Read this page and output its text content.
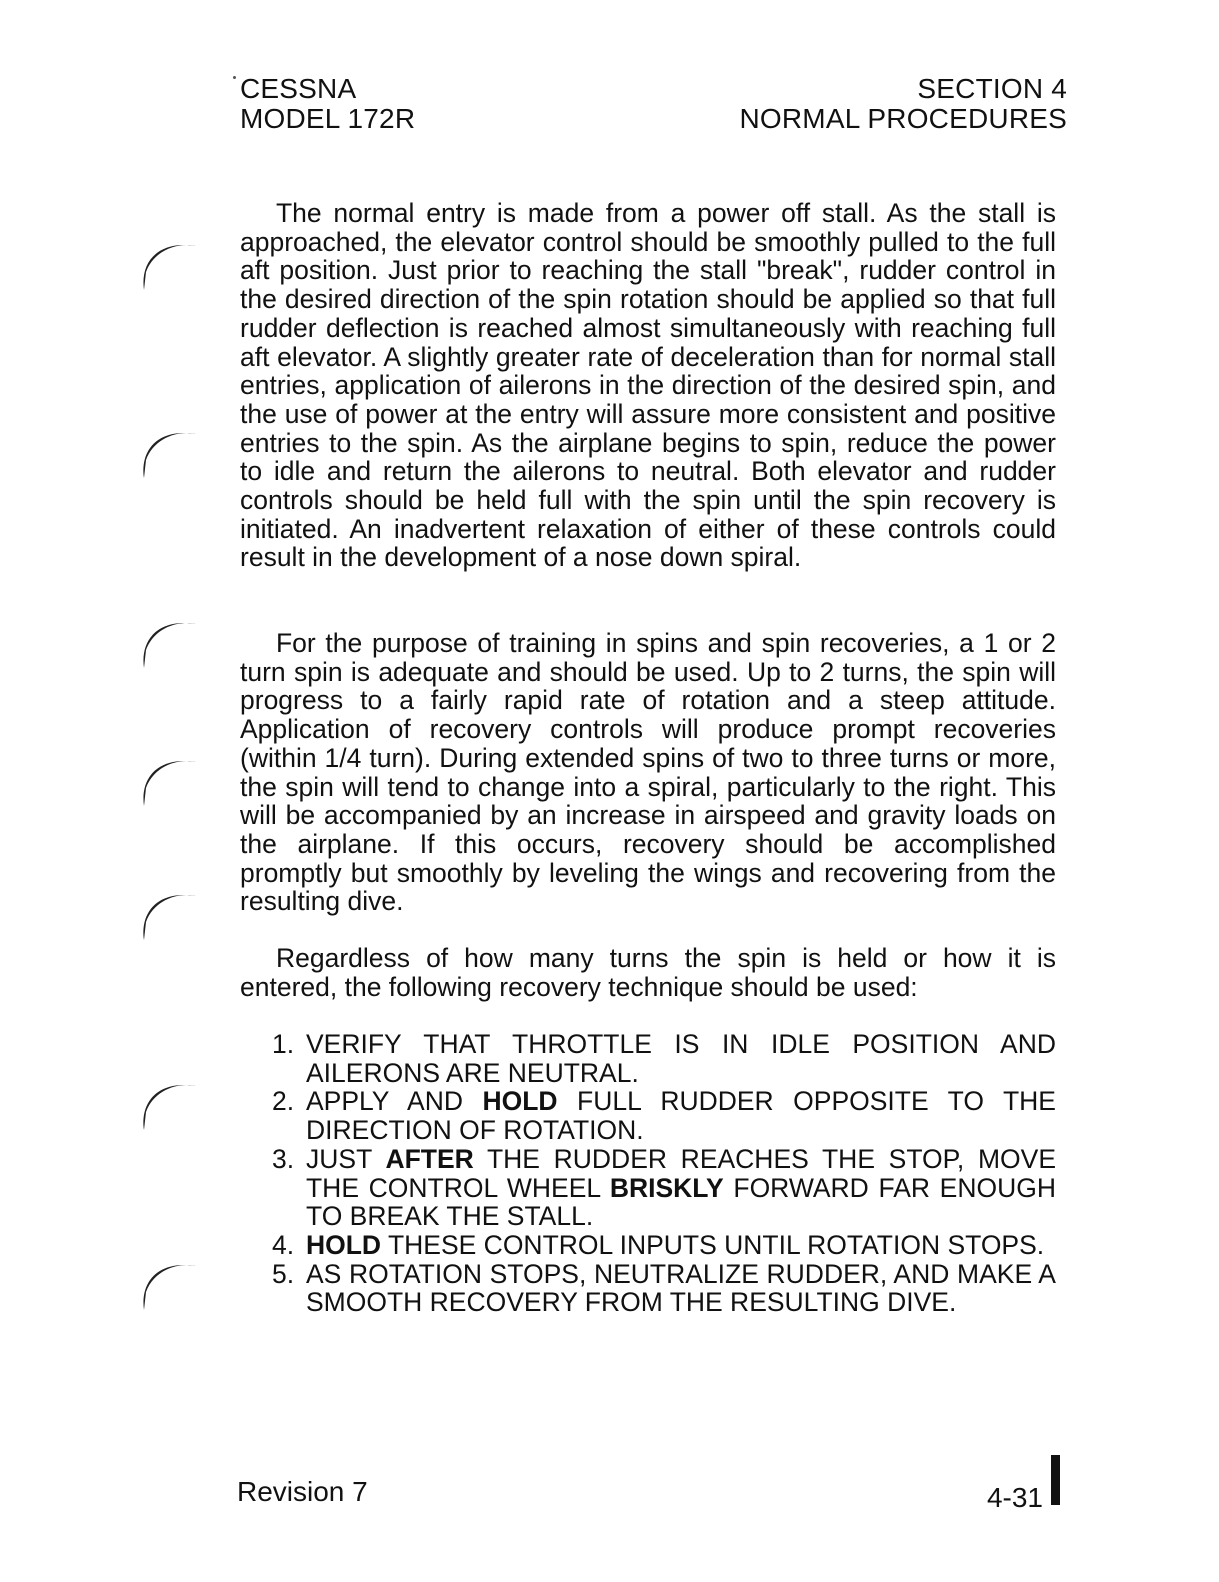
CESSNA
MODEL 172R
SECTION 4
NORMAL PROCEDURES

The normal entry is made from a power off stall. As the stall is approached, the elevator control should be smoothly pulled to the full aft position. Just prior to reaching the stall "break", rudder control in the desired direction of the spin rotation should be applied so that full rudder deflection is reached almost simultaneously with reaching full aft elevator. A slightly greater rate of deceleration than for normal stall entries, application of ailerons in the direction of the desired spin, and the use of power at the entry will assure more consistent and positive entries to the spin. As the airplane begins to spin, reduce the power to idle and return the ailerons to neutral. Both elevator and rudder controls should be held full with the spin until the spin recovery is initiated. An inadvertent relaxation of either of these controls could result in the development of a nose down spiral.

For the purpose of training in spins and spin recoveries, a 1 or 2 turn spin is adequate and should be used. Up to 2 turns, the spin will progress to a fairly rapid rate of rotation and a steep attitude. Application of recovery controls will produce prompt recoveries (within 1/4 turn). During extended spins of two to three turns or more, the spin will tend to change into a spiral, particularly to the right. This will be accompanied by an increase in airspeed and gravity loads on the airplane. If this occurs, recovery should be accomplished promptly but smoothly by leveling the wings and recovering from the resulting dive.

Regardless of how many turns the spin is held or how it is entered, the following recovery technique should be used:

1. VERIFY THAT THROTTLE IS IN IDLE POSITION AND AILERONS ARE NEUTRAL.
2. APPLY AND HOLD FULL RUDDER OPPOSITE TO THE DIRECTION OF ROTATION.
3. JUST AFTER THE RUDDER REACHES THE STOP, MOVE THE CONTROL WHEEL BRISKLY FORWARD FAR ENOUGH TO BREAK THE STALL.
4. HOLD THESE CONTROL INPUTS UNTIL ROTATION STOPS.
5. AS ROTATION STOPS, NEUTRALIZE RUDDER, AND MAKE A SMOOTH RECOVERY FROM THE RESULTING DIVE.
Revision 7	4-31
